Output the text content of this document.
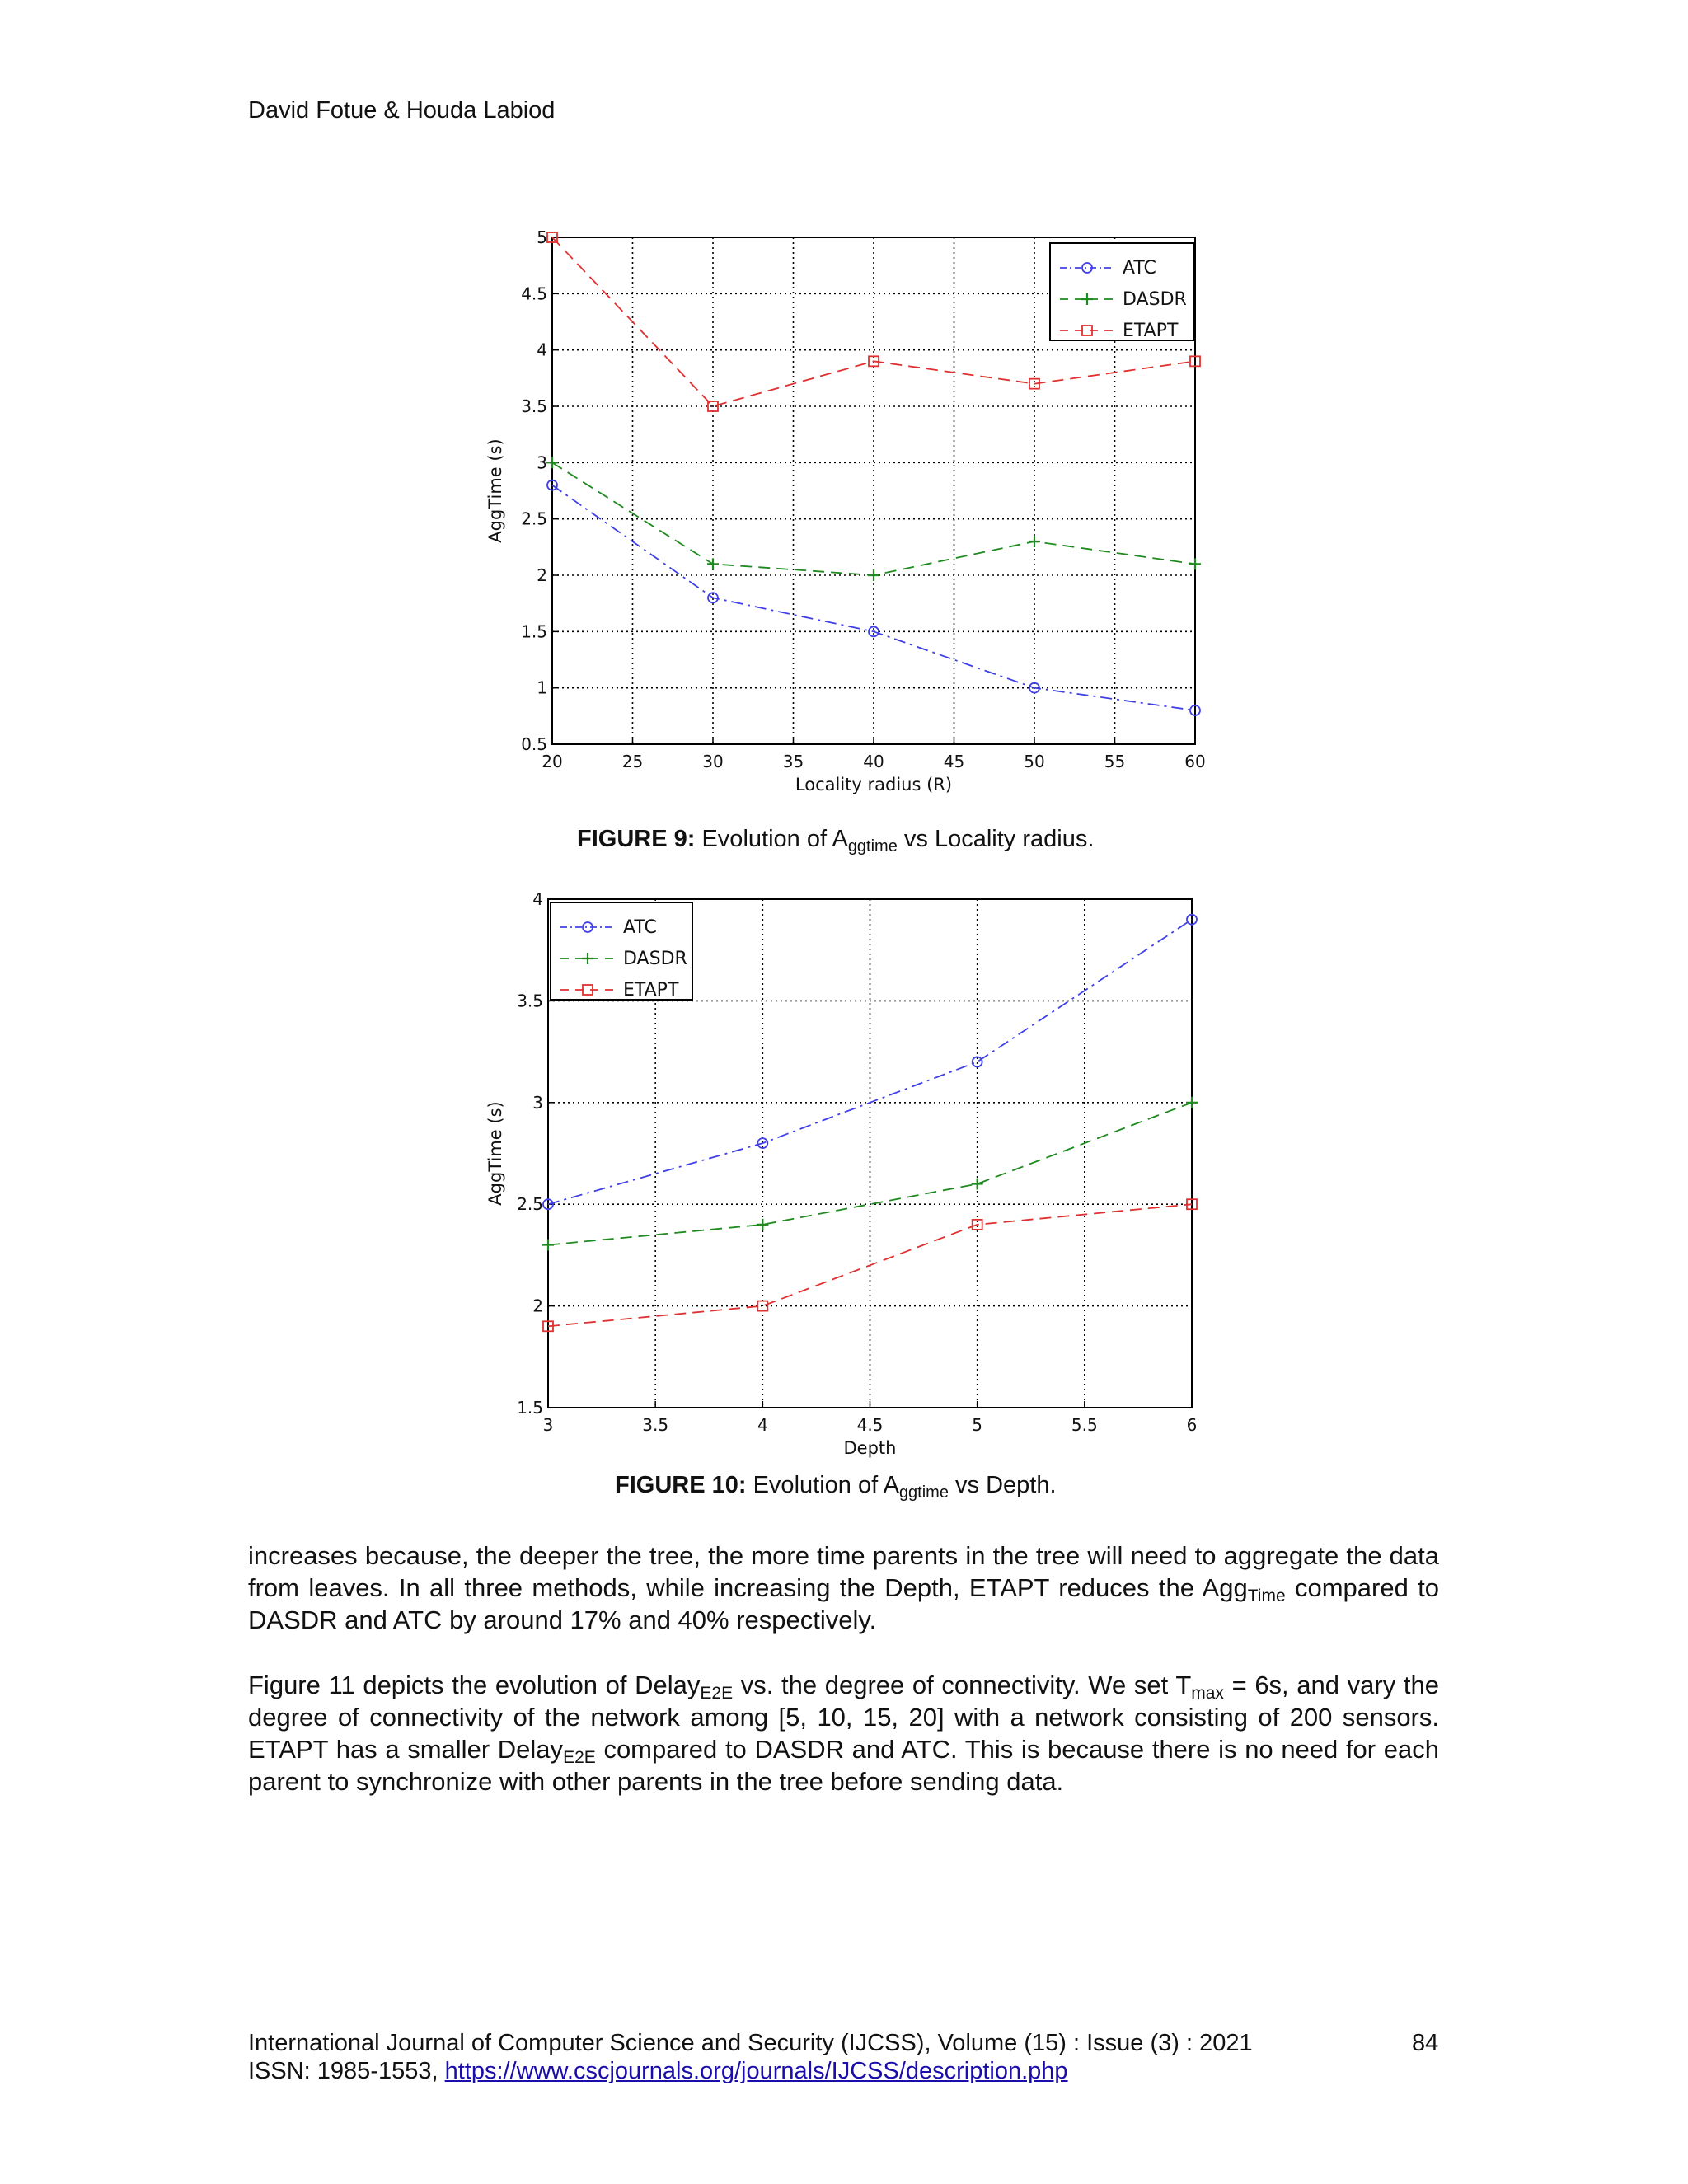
David Fotue & Houda Labiod
20	25	30	35	40	45	50	55	60
0.5
1
1.5
2
2.5
3
3.5
4
4.5
5
Locality radius (R)
AggTime (s)
ATC
DASDR
ETAPT
FIGURE 9: Evolution of $A_{ggtime}$ vs Locality radius.
3	3.5	4	4.5	5	5.5	6
1.5
2
2.5
3
3.5
4
Depth
AggTime (s)
ATC
DASDR
ETAPT
FIGURE 10: Evolution of $A_{ggtime}$ vs Depth.
increases because, the deeper the tree, the more time parents in the tree will need to aggregate the data from leaves. In all three methods, while increasing the Depth, ETAPT reduces the Agg$_{Time}$ compared to DASDR and ATC by around 17% and 40% respectively.
Figure 11 depicts the evolution of Delay$_{E2E}$ vs. the degree of connectivity. We set $T_{max} = 6s$, and vary the degree of connectivity of the network among [5, 10, 15, 20] with a network consisting of 200 sensors. ETAPT has a smaller Delay$_{E2E}$ compared to DASDR and ATC. This is because there is no need for each parent to synchronize with other parents in the tree before sending data.
International Journal of Computer Science and Security (IJCSS), Volume (15) : Issue (3) : 2021	84
ISSN: 1985-1553, https://www.cscjournals.org/journals/IJCSS/description.php
